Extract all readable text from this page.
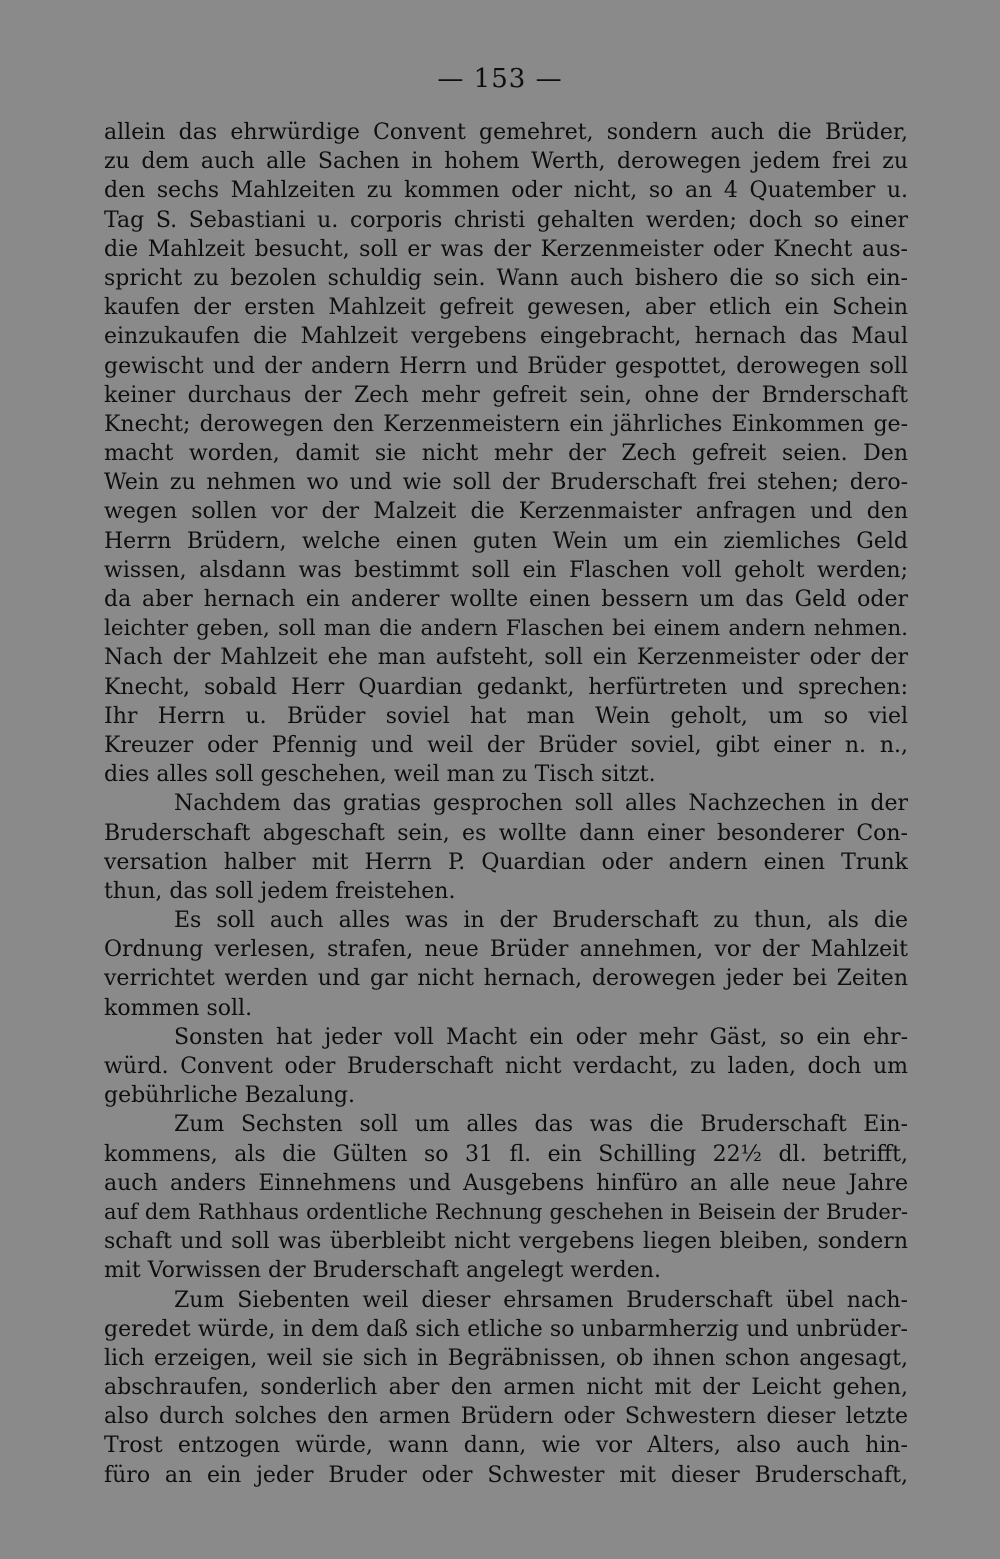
— 153 —
allein das ehrwürdige Convent gemehret, sondern auch die Brüder,
zu dem auch alle Sachen in hohem Werth, derowegen jedem frei zu
den sechs Mahlzeiten zu kommen oder nicht, so an 4 Quatember u.
Tag S. Sebastiani u. corporis christi gehalten werden; doch so einer
die Mahlzeit besucht, soll er was der Kerzenmeister oder Knecht aus-
spricht zu bezolen schuldig sein. Wann auch bishero die so sich ein-
kaufen der ersten Mahlzeit gefreit gewesen, aber etlich ein Schein
einzukaufen die Mahlzeit vergebens eingebracht, hernach das Maul
gewischt und der andern Herrn und Brüder gespottet, derowegen soll
keiner durchaus der Zech mehr gefreit sein, ohne der Brnderschaft
Knecht; derowegen den Kerzenmeistern ein jährliches Einkommen ge-
macht worden, damit sie nicht mehr der Zech gefreit seien. Den
Wein zu nehmen wo und wie soll der Bruderschaft frei stehen; dero-
wegen sollen vor der Malzeit die Kerzenmaister anfragen und den
Herrn Brüdern, welche einen guten Wein um ein ziemliches Geld
wissen, alsdann was bestimmt soll ein Flaschen voll geholt werden;
da aber hernach ein anderer wollte einen bessern um das Geld oder
leichter geben, soll man die andern Flaschen bei einem andern nehmen.
Nach der Mahlzeit ehe man aufsteht, soll ein Kerzenmeister oder der
Knecht, sobald Herr Quardian gedankt, herfürtreten und sprechen:
Ihr Herrn u. Brüder soviel hat man Wein geholt, um so viel
Kreuzer oder Pfennig und weil der Brüder soviel, gibt einer n. n.,
dies alles soll geschehen, weil man zu Tisch sitzt.
Nachdem das gratias gesprochen soll alles Nachzechen in der
Bruderschaft abgeschaft sein, es wollte dann einer besonderer Con-
versation halber mit Herrn P. Quardian oder andern einen Trunk
thun, das soll jedem freistehen.
Es soll auch alles was in der Bruderschaft zu thun, als die
Ordnung verlesen, strafen, neue Brüder annehmen, vor der Mahlzeit
verrichtet werden und gar nicht hernach, derowegen jeder bei Zeiten
kommen soll.
Sonsten hat jeder voll Macht ein oder mehr Gäst, so ein ehr-
würd. Convent oder Bruderschaft nicht verdacht, zu laden, doch um
gebührliche Bezalung.
Zum Sechsten soll um alles das was die Bruderschaft Ein-
kommens, als die Gülten so 31 fl. ein Schilling 22½ dl. betrifft,
auch anders Einnehmens und Ausgebens hinfüro an alle neue Jahre
auf dem Rathhaus ordentliche Rechnung geschehen in Beisein der Bruder-
schaft und soll was überbleibt nicht vergebens liegen bleiben, sondern
mit Vorwissen der Bruderschaft angelegt werden.
Zum Siebenten weil dieser ehrsamen Bruderschaft übel nach-
geredet würde, in dem daß sich etliche so unbarmherzig und unbrüder-
lich erzeigen, weil sie sich in Begräbnissen, ob ihnen schon angesagt,
abschraufen, sonderlich aber den armen nicht mit der Leicht gehen,
also durch solches den armen Brüdern oder Schwestern dieser letzte
Trost entzogen würde, wann dann, wie vor Alters, also auch hin-
füro an ein jeder Bruder oder Schwester mit dieser Bruderschaft,
